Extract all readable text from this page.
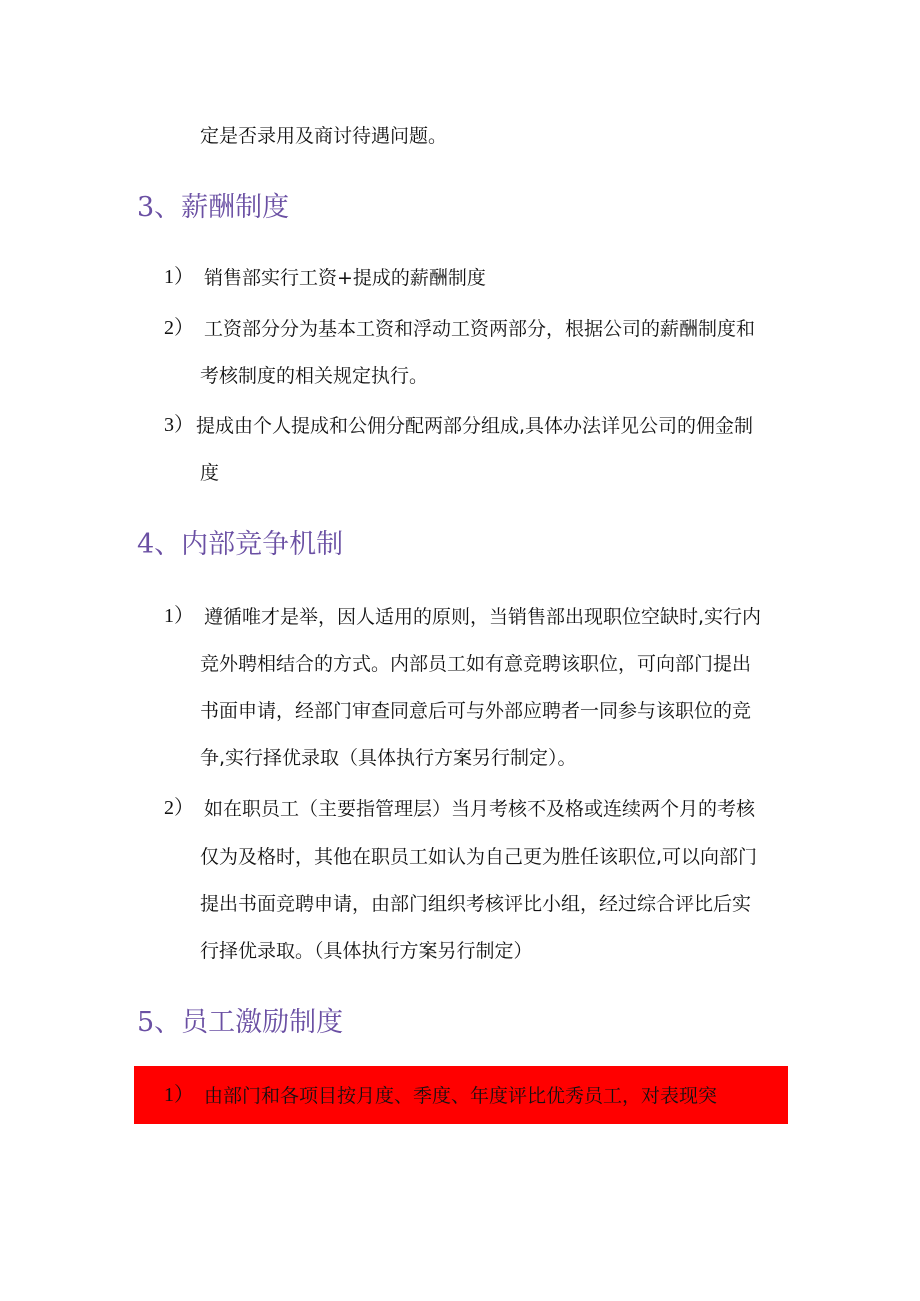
定是否录用及商讨待遇问题。
3、薪酬制度
1） 销售部实行工资+提成的薪酬制度
2） 工资部分分为基本工资和浮动工资两部分，根据公司的薪酬制度和
考核制度的相关规定执行。
3） 提成由个人提成和公佣分配两部分组成,具体办法详见公司的佣金制
度
4、内部竞争机制
1） 遵循唯才是举，因人适用的原则，当销售部出现职位空缺时,实行内
竞外聘相结合的方式。内部员工如有意竞聘该职位，可向部门提出
书面申请，经部门审查同意后可与外部应聘者一同参与该职位的竞
争,实行择优录取（具体执行方案另行制定）。
2） 如在职员工（主要指管理层）当月考核不及格或连续两个月的考核
仅为及格时，其他在职员工如认为自己更为胜任该职位,可以向部门
提出书面竞聘申请，由部门组织考核评比小组，经过综合评比后实
行择优录取。（具体执行方案另行制定）
5、员工激励制度
1） 由部门和各项目按月度、季度、年度评比优秀员工，对表现突
